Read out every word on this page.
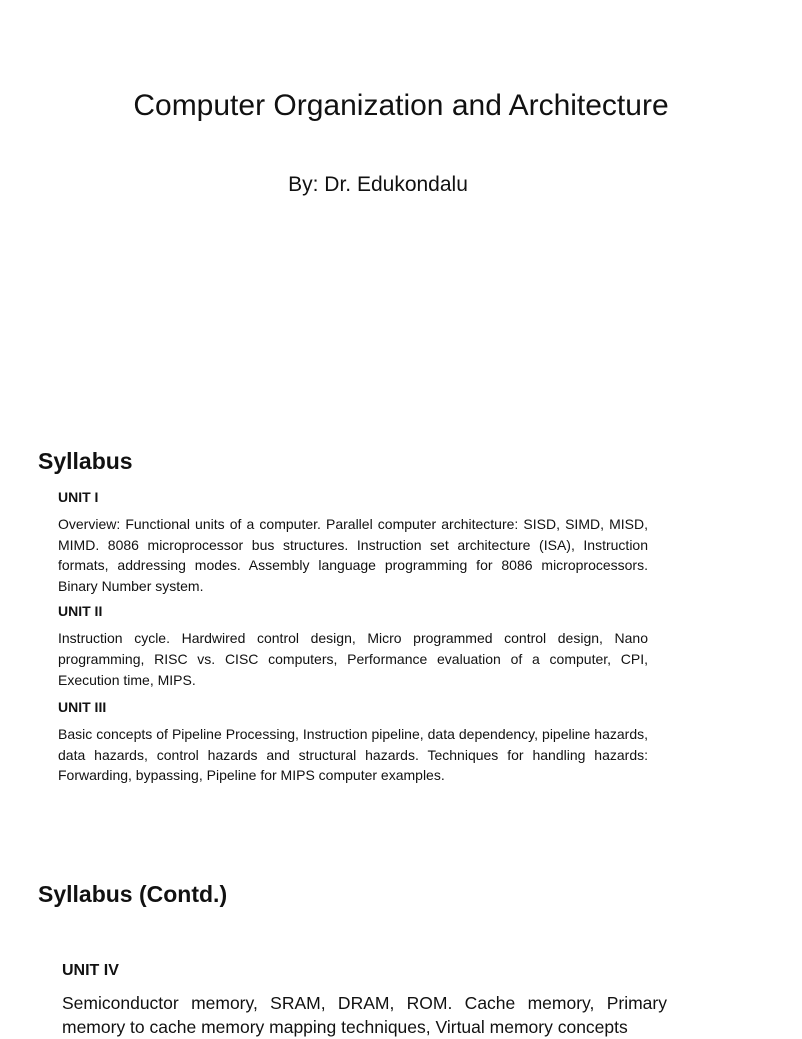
Computer Organization and Architecture

By: Dr. Edukondalu

Syllabus

UNIT I

Overview: Functional units of a computer. Parallel computer architecture: SISD, SIMD, MISD, MIMD. 8086 microprocessor bus structures. Instruction set architecture (ISA), Instruction formats, addressing modes. Assembly language programming for 8086 microprocessors. Binary Number system.

UNIT II

Instruction cycle. Hardwired control design, Micro programmed control design, Nano programming, RISC vs. CISC computers, Performance evaluation of a computer, CPI, Execution time, MIPS.

UNIT III

Basic concepts of Pipeline Processing, Instruction pipeline, data dependency, pipeline hazards, data hazards, control hazards and structural hazards. Techniques for handling hazards: Forwarding, bypassing, Pipeline for MIPS computer examples.

Syllabus (Contd.)

UNIT IV

Semiconductor memory, SRAM, DRAM, ROM. Cache memory, Primary memory to cache memory mapping techniques, Virtual memory concepts
